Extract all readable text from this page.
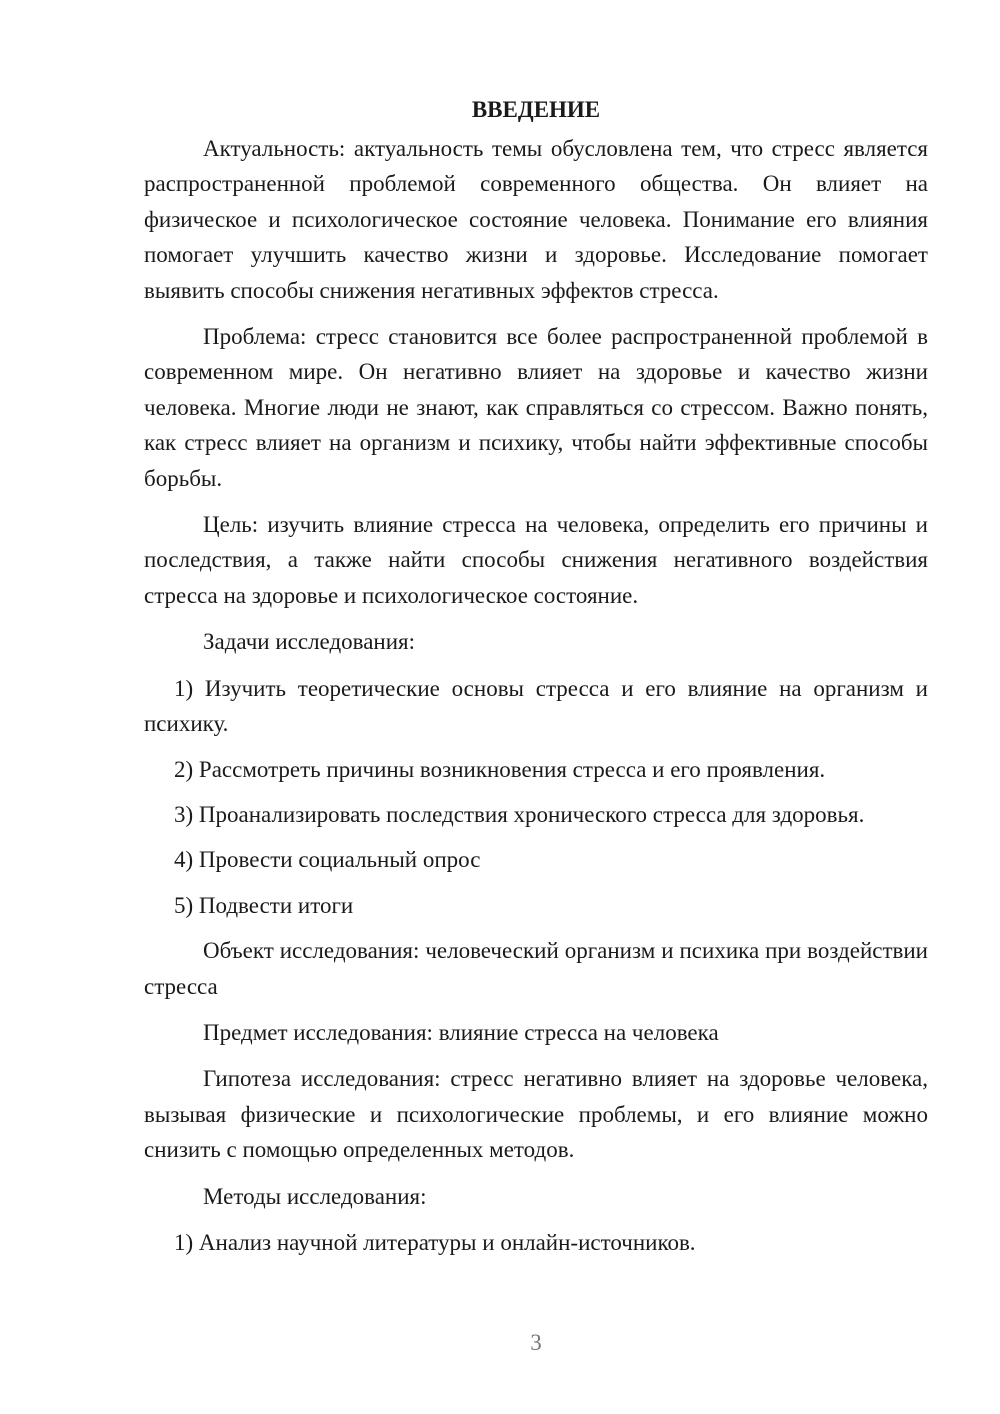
ВВЕДЕНИЕ

Актуальность: актуальность темы обусловлена тем, что стресс является распространенной проблемой современного общества. Он влияет на физическое и психологическое состояние человека. Понимание его влияния помогает улучшить качество жизни и здоровье. Исследование помогает выявить способы снижения негативных эффектов стресса.

Проблема: стресс становится все более распространенной проблемой в современном мире. Он негативно влияет на здоровье и качество жизни человека. Многие люди не знают, как справляться со стрессом. Важно понять, как стресс влияет на организм и психику, чтобы найти эффективные способы борьбы.

Цель: изучить влияние стресса на человека, определить его причины и последствия, а также найти способы снижения негативного воздействия стресса на здоровье и психологическое состояние.

Задачи исследования:

1) Изучить теоретические основы стресса и его влияние на организм и психику.

2) Рассмотреть причины возникновения стресса и его проявления.

3) Проанализировать последствия хронического стресса для здоровья.

4) Провести социальный опрос

5) Подвести итоги

Объект исследования: человеческий организм и психика при воздействии стресса

Предмет исследования: влияние стресса на человека

Гипотеза исследования: стресс негативно влияет на здоровье человека, вызывая физические и психологические проблемы, и его влияние можно снизить с помощью определенных методов.

Методы исследования:

1) Анализ научной литературы и онлайн-источников.

3
